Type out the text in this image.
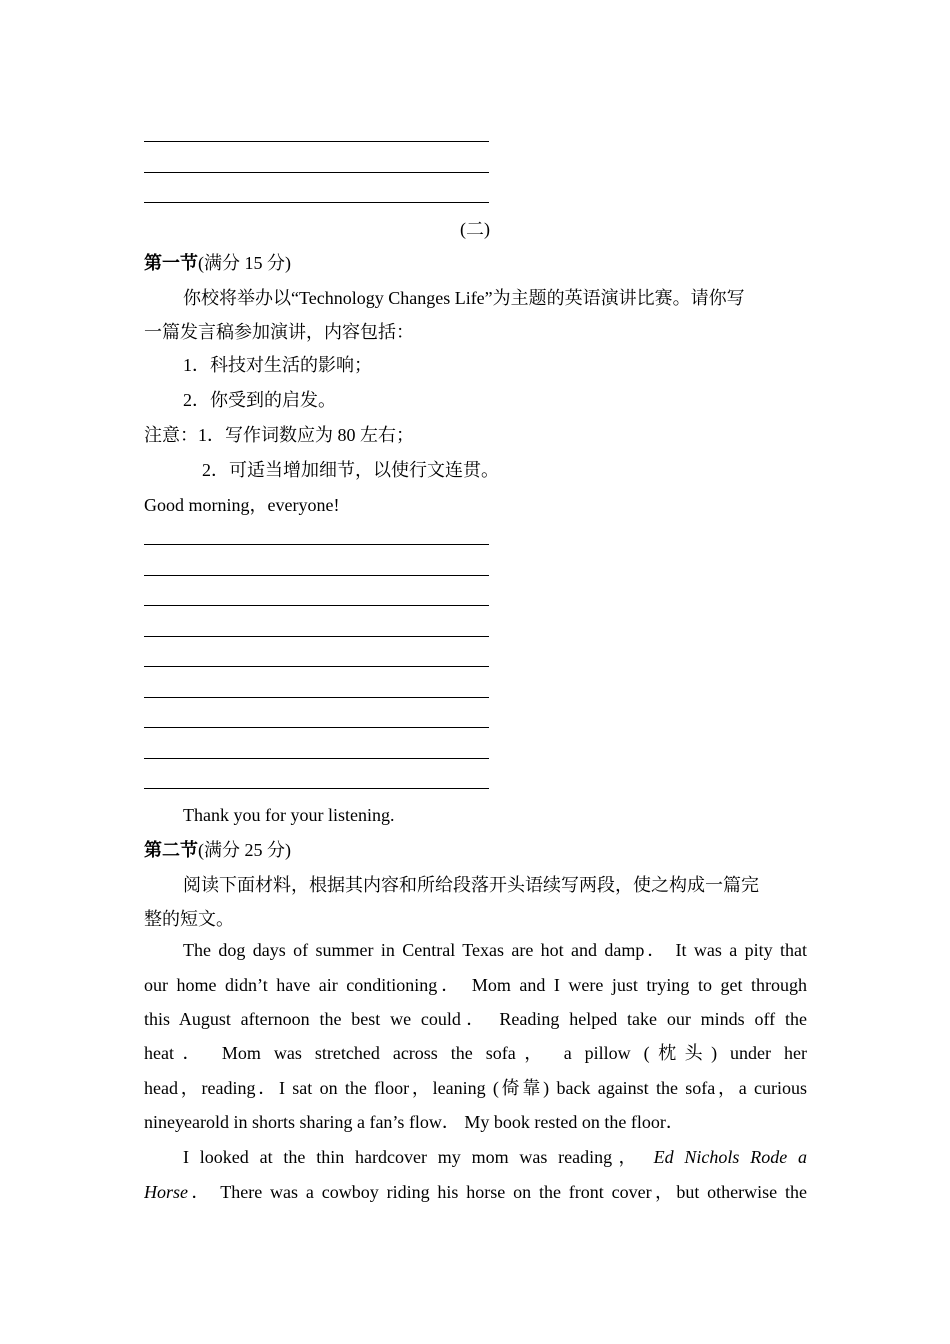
(二)
第一节(满分 15 分)
你校将举办以“Technology Changes Life”为主题的英语演讲比赛。请你写
一篇发言稿参加演讲，内容包括：
1．科技对生活的影响；
2．你受到的启发。
注意：1．写作词数应为 80 左右；
2．可适当增加细节，以使行文连贯。
Good morning，everyone!
Thank you for your listening.
第二节(满分 25 分)
阅读下面材料，根据其内容和所给段落开头语续写两段，使之构成一篇完
整的短文。
The dog days of summer in Central Texas are hot and damp． It was a pity that
our home didn’t have air conditioning． Mom and I were just trying to get through
this August afternoon the best we could． Reading helped take our minds off the
heat． Mom was stretched across the sofa， a pillow (枕头) under her
head，reading．I sat on the floor，leaning (倚靠) back against the sofa，a curious
nineyearold in shorts sharing a fan’s flow． My book rested on the floor．
I looked at the thin hardcover my mom was reading， Ed Nichols Rode a
Horse． There was a cowboy riding his horse on the front cover，but otherwise the
